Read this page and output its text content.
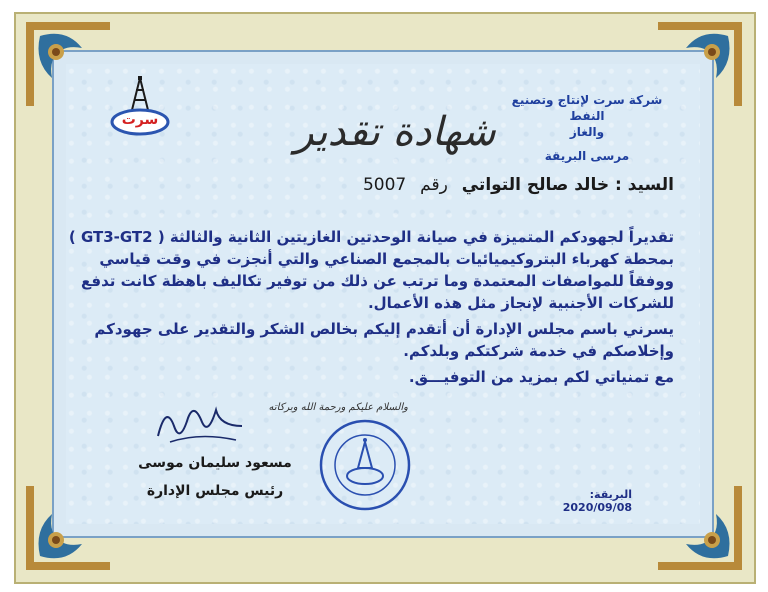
سرت
شركة سرت لإنتاج وتصنيع النفط
والغاز
مرسى البريقة
شهادة تقدير
السيد : خالد صالح التواتي رقم 5007

تقديراً لجهودكم المتميزة في صيانة الوحدتين الغازيتين الثانية والثالثة ( GT3-GT2 ) بمحطة كهرباء البتروكيميائيات بالمجمع الصناعي والتي أنجزت في وقت قياسي ووفقاً للمواصفات المعتمدة وما ترتب عن ذلك من توفير تكاليف باهظة كانت تدفع للشركات الأجنبية لإنجاز مثل هذه الأعمال.

يسرني باسم مجلس الإدارة أن أتقدم إليكم بخالص الشكر والتقدير على جهودكم وإخلاصكم في خدمة شركتكم وبلدكم.

مع تمنياتي لكم بمزيد من التوفيـــق.

والسلام عليكم ورحمة الله وبركاته
مسعود سليمان موسى
رئيس مجلس الإدارة	البريقة: 2020/09/08
